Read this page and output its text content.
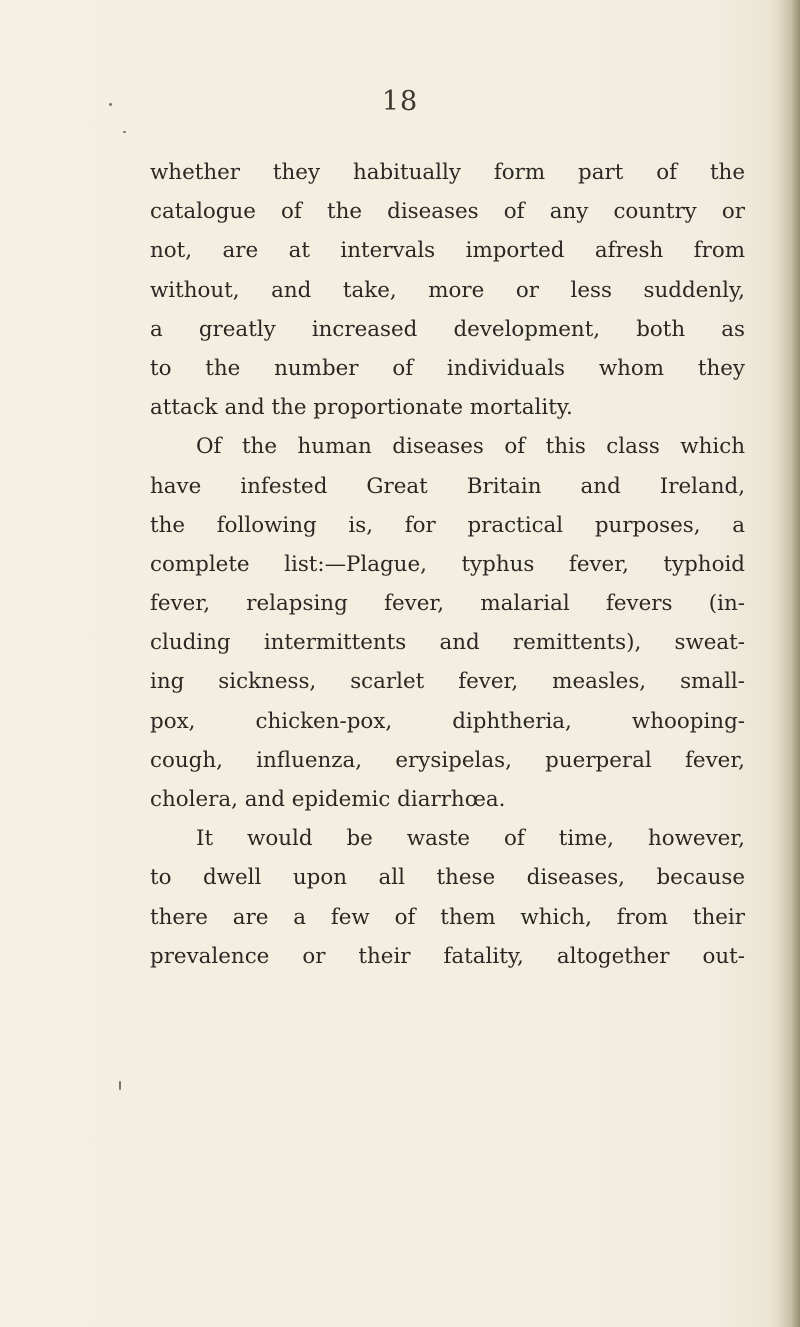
18
whether they habitually form part of the
catalogue of the diseases of any country or
not, are at intervals imported afresh from
without, and take, more or less suddenly,
a greatly increased development, both as
to the number of individuals whom they
attack and the proportionate mortality.
Of the human diseases of this class which
have infested Great Britain and Ireland,
the following is, for practical purposes, a
complete list:—Plague, typhus fever, typhoid
fever, relapsing fever, malarial fevers (in-
cluding intermittents and remittents), sweat-
ing sickness, scarlet fever, measles, small-
pox, chicken-pox, diphtheria, whooping-
cough, influenza, erysipelas, puerperal fever,
cholera, and epidemic diarrhœa.
It would be waste of time, however,
to dwell upon all these diseases, because
there are a few of them which, from their
prevalence or their fatality, altogether out-
